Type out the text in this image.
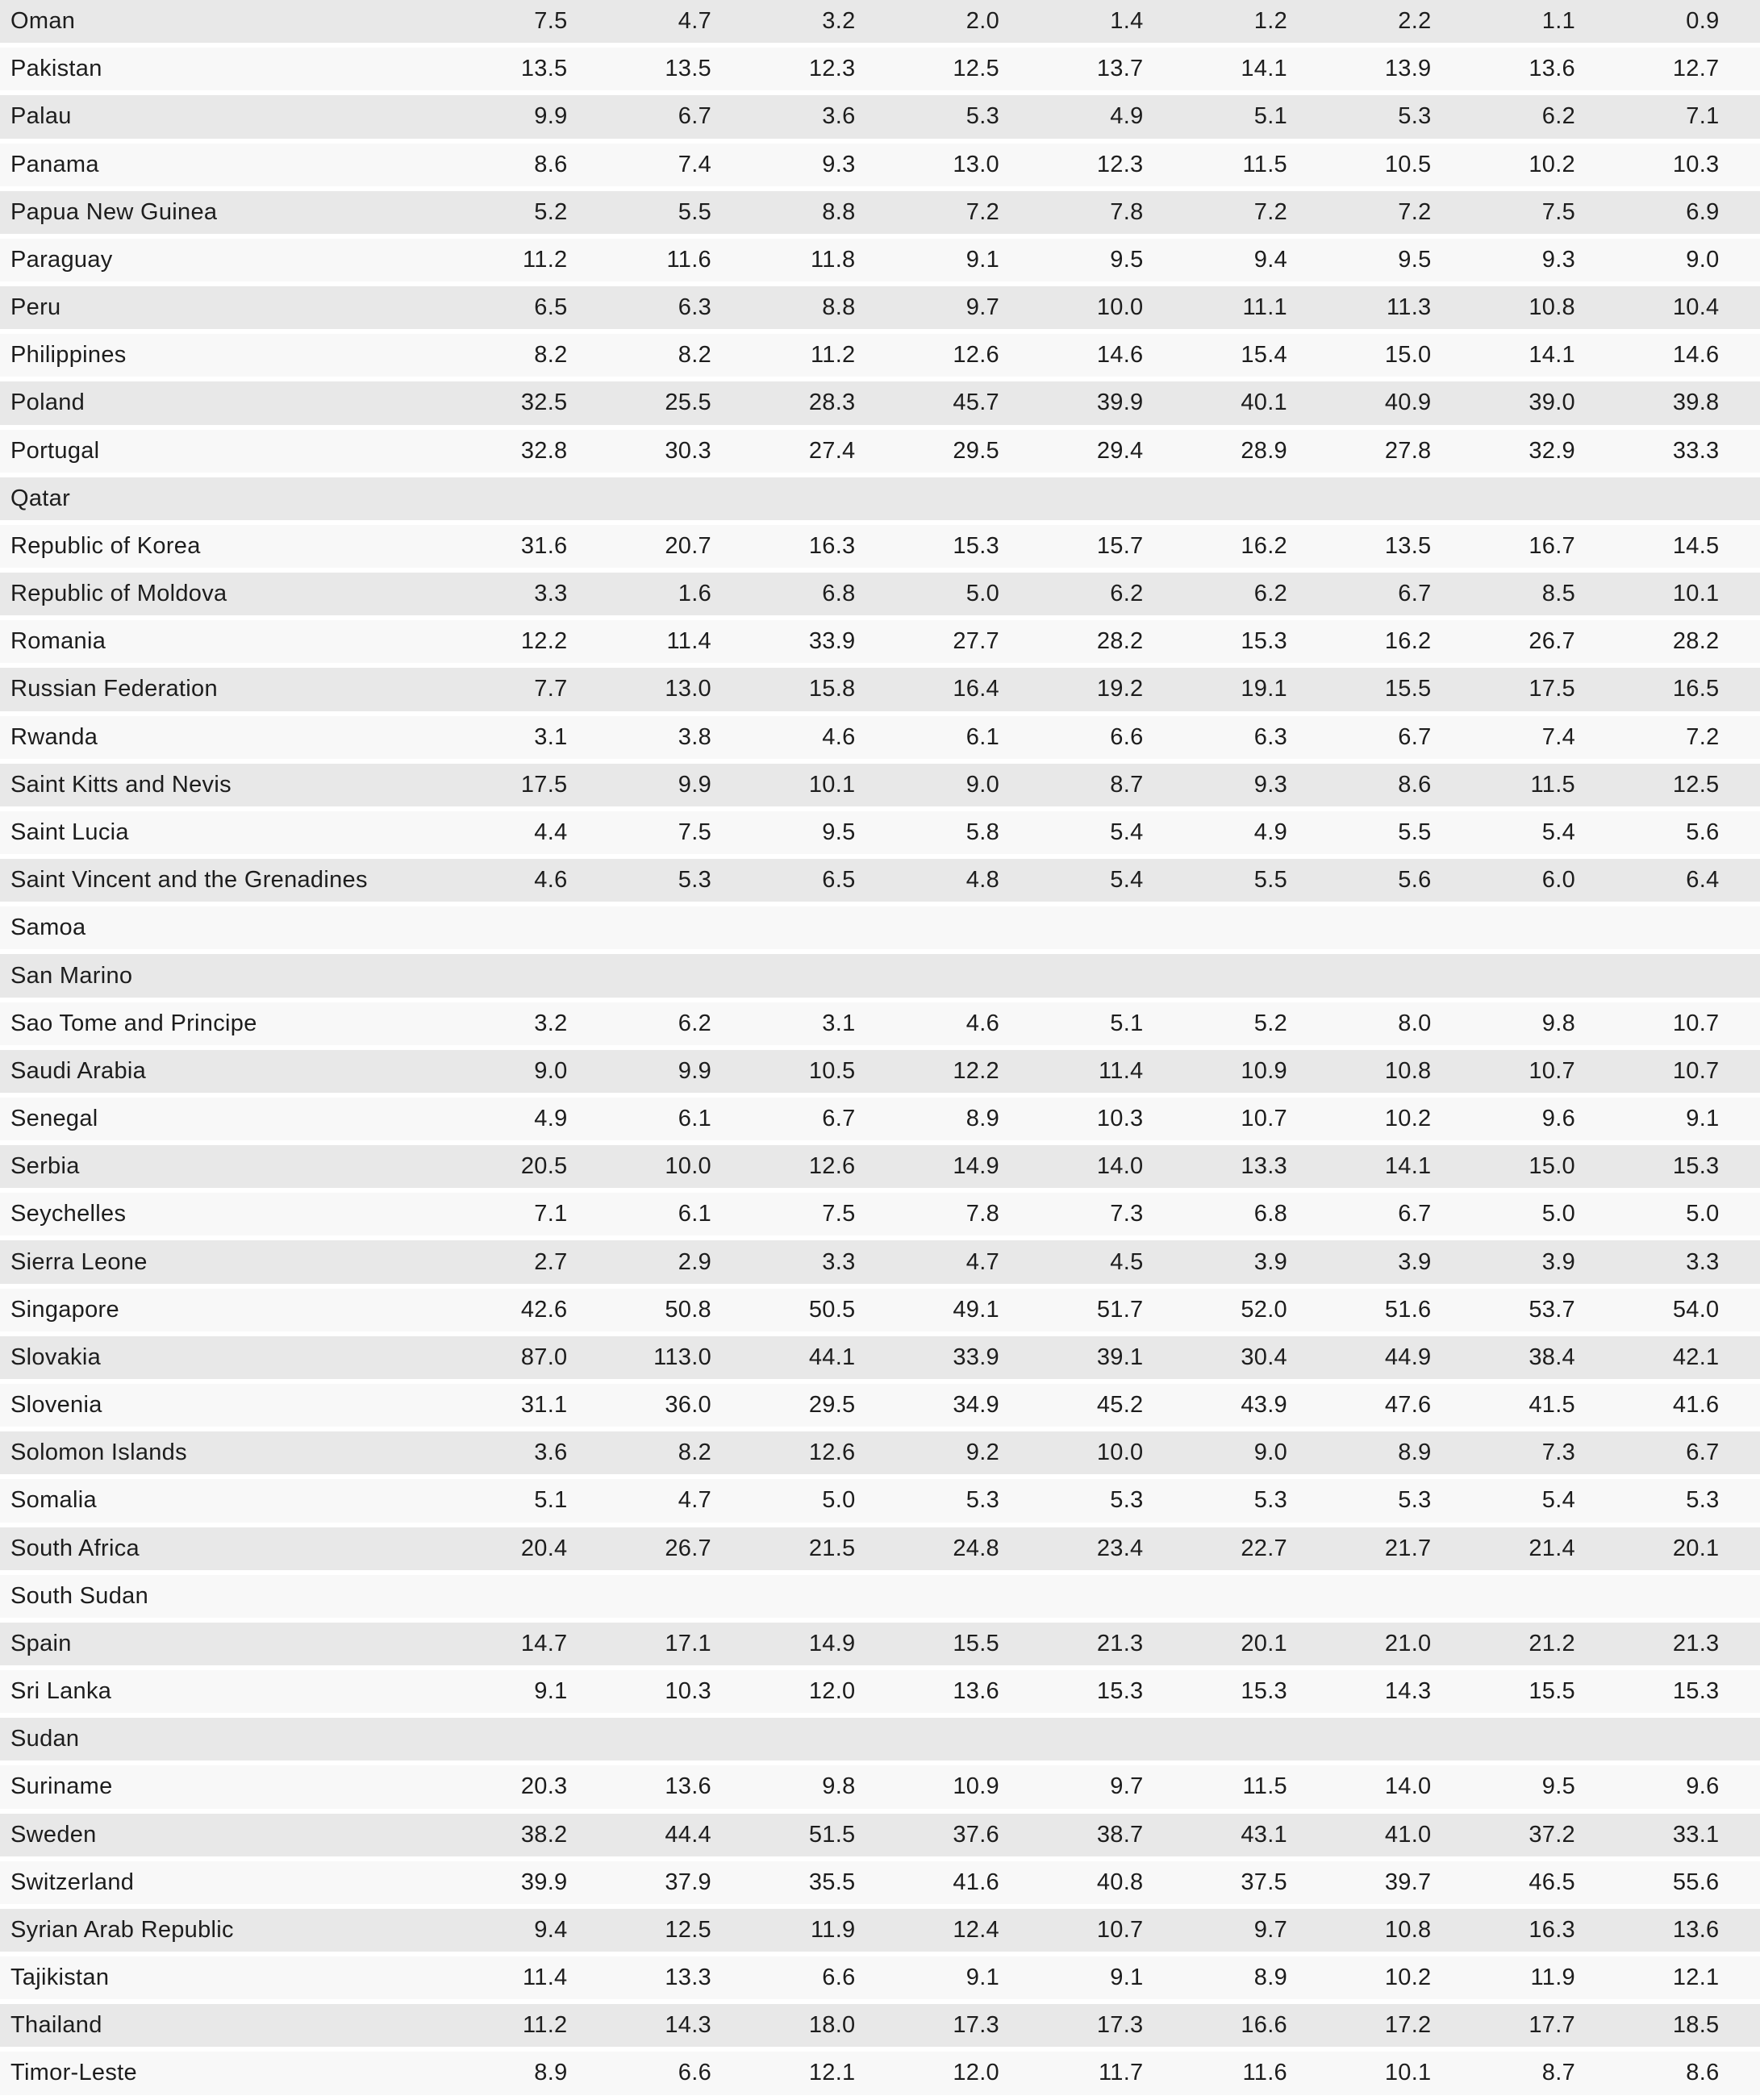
Oman	7.5	4.7	3.2	2.0	1.4	1.2	2.2	1.1	0.9	
Pakistan	13.5	13.5	12.3	12.5	13.7	14.1	13.9	13.6	12.7	
Palau	9.9	6.7	3.6	5.3	4.9	5.1	5.3	6.2	7.1	
Panama	8.6	7.4	9.3	13.0	12.3	11.5	10.5	10.2	10.3	
Papua New Guinea	5.2	5.5	8.8	7.2	7.8	7.2	7.2	7.5	6.9	
Paraguay	11.2	11.6	11.8	9.1	9.5	9.4	9.5	9.3	9.0	
Peru	6.5	6.3	8.8	9.7	10.0	11.1	11.3	10.8	10.4	
Philippines	8.2	8.2	11.2	12.6	14.6	15.4	15.0	14.1	14.6	
Poland	32.5	25.5	28.3	45.7	39.9	40.1	40.9	39.0	39.8	
Portugal	32.8	30.3	27.4	29.5	29.4	28.9	27.8	32.9	33.3	
Qatar										
Republic of Korea	31.6	20.7	16.3	15.3	15.7	16.2	13.5	16.7	14.5	
Republic of Moldova	3.3	1.6	6.8	5.0	6.2	6.2	6.7	8.5	10.1	
Romania	12.2	11.4	33.9	27.7	28.2	15.3	16.2	26.7	28.2	
Russian Federation	7.7	13.0	15.8	16.4	19.2	19.1	15.5	17.5	16.5	
Rwanda	3.1	3.8	4.6	6.1	6.6	6.3	6.7	7.4	7.2	
Saint Kitts and Nevis	17.5	9.9	10.1	9.0	8.7	9.3	8.6	11.5	12.5	
Saint Lucia	4.4	7.5	9.5	5.8	5.4	4.9	5.5	5.4	5.6	
Saint Vincent and the Grenadines	4.6	5.3	6.5	4.8	5.4	5.5	5.6	6.0	6.4	
Samoa										
San Marino										
Sao Tome and Principe	3.2	6.2	3.1	4.6	5.1	5.2	8.0	9.8	10.7	
Saudi Arabia	9.0	9.9	10.5	12.2	11.4	10.9	10.8	10.7	10.7	
Senegal	4.9	6.1	6.7	8.9	10.3	10.7	10.2	9.6	9.1	
Serbia	20.5	10.0	12.6	14.9	14.0	13.3	14.1	15.0	15.3	
Seychelles	7.1	6.1	7.5	7.8	7.3	6.8	6.7	5.0	5.0	
Sierra Leone	2.7	2.9	3.3	4.7	4.5	3.9	3.9	3.9	3.3	
Singapore	42.6	50.8	50.5	49.1	51.7	52.0	51.6	53.7	54.0	
Slovakia	87.0	113.0	44.1	33.9	39.1	30.4	44.9	38.4	42.1	
Slovenia	31.1	36.0	29.5	34.9	45.2	43.9	47.6	41.5	41.6	
Solomon Islands	3.6	8.2	12.6	9.2	10.0	9.0	8.9	7.3	6.7	
Somalia	5.1	4.7	5.0	5.3	5.3	5.3	5.3	5.4	5.3	
South Africa	20.4	26.7	21.5	24.8	23.4	22.7	21.7	21.4	20.1	
South Sudan										
Spain	14.7	17.1	14.9	15.5	21.3	20.1	21.0	21.2	21.3	
Sri Lanka	9.1	10.3	12.0	13.6	15.3	15.3	14.3	15.5	15.3	
Sudan										
Suriname	20.3	13.6	9.8	10.9	9.7	11.5	14.0	9.5	9.6	
Sweden	38.2	44.4	51.5	37.6	38.7	43.1	41.0	37.2	33.1	
Switzerland	39.9	37.9	35.5	41.6	40.8	37.5	39.7	46.5	55.6	
Syrian Arab Republic	9.4	12.5	11.9	12.4	10.7	9.7	10.8	16.3	13.6	
Tajikistan	11.4	13.3	6.6	9.1	9.1	8.9	10.2	11.9	12.1	
Thailand	11.2	14.3	18.0	17.3	17.3	16.6	17.2	17.7	18.5	
Timor-Leste	8.9	6.6	12.1	12.0	11.7	11.6	10.1	8.7	8.6	
